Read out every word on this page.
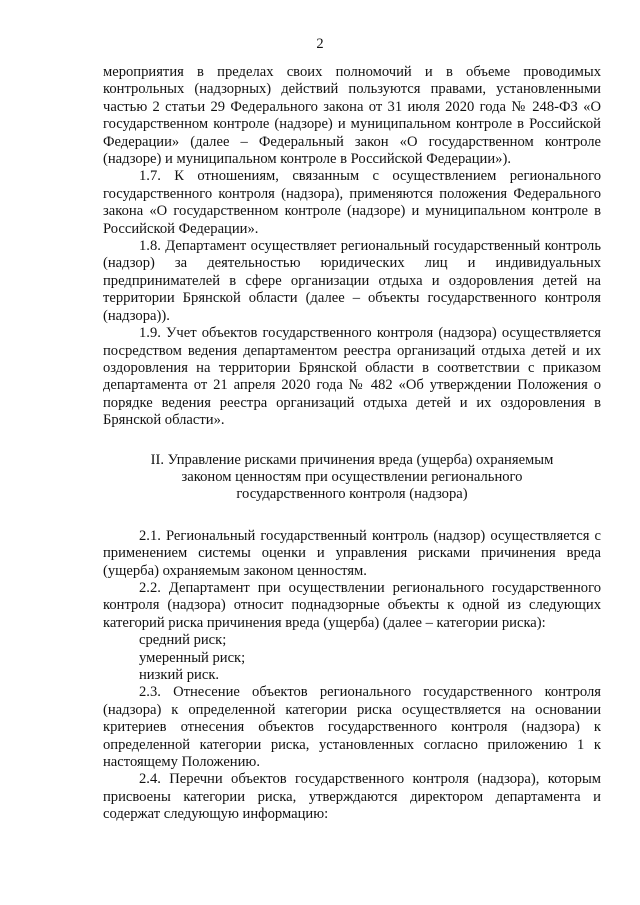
2

мероприятия в пределах своих полномочий и в объеме проводимых контрольных (надзорных) действий пользуются правами, установленными частью 2 статьи 29 Федерального закона от 31 июля 2020 года № 248-ФЗ «О государственном контроле (надзоре) и муниципальном контроле в Российской Федерации» (далее – Федеральный закон «О государственном контроле (надзоре) и муниципальном контроле в Российской Федерации»).

1.7. К отношениям, связанным с осуществлением регионального государственного контроля (надзора), применяются положения Федерального закона «О государственном контроле (надзоре) и муниципальном контроле в Российской Федерации».

1.8. Департамент осуществляет региональный государственный контроль (надзор) за деятельностью юридических лиц и индивидуальных предпринимателей в сфере организации отдыха и оздоровления детей на территории Брянской области (далее – объекты государственного контроля (надзора)).

1.9. Учет объектов государственного контроля (надзора) осуществляется посредством ведения департаментом реестра организаций отдыха детей и их оздоровления на территории Брянской области в соответствии с приказом департамента от 21 апреля 2020 года № 482 «Об утверждении Положения о порядке ведения реестра организаций отдыха детей и их оздоровления в Брянской области».

II. Управление рисками причинения вреда (ущерба) охраняемым законом ценностям при осуществлении регионального государственного контроля (надзора)

2.1. Региональный государственный контроль (надзор) осуществляется с применением системы оценки и управления рисками причинения вреда (ущерба) охраняемым законом ценностям.

2.2. Департамент при осуществлении регионального государственного контроля (надзора) относит поднадзорные объекты к одной из следующих категорий риска причинения вреда (ущерба) (далее – категории риска):

средний риск;

умеренный риск;

низкий риск.

2.3. Отнесение объектов регионального государственного контроля (надзора) к определенной категории риска осуществляется на основании критериев отнесения объектов государственного контроля (надзора) к определенной категории риска, установленных согласно приложению 1 к настоящему Положению.

2.4. Перечни объектов государственного контроля (надзора), которым присвоены категории риска, утверждаются директором департамента и содержат следующую информацию:
